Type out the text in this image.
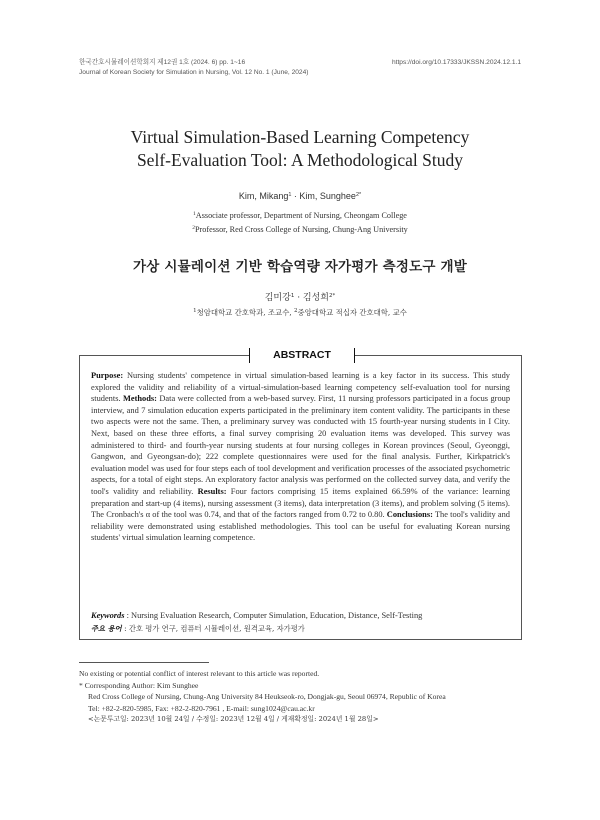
한국간호시뮬레이션학회지 제12권 1호 (2024. 6) pp. 1~16	https://doi.org/10.17333/JKSSN.2024.12.1.1
Journal of Korean Society for Simulation in Nursing, Vol. 12 No. 1 (June, 2024)
Virtual Simulation-Based Learning Competency
Self-Evaluation Tool: A Methodological Study
Kim, Mikang$^1$ · Kim, Sunghee$^{2*}$
$^1$Associate professor, Department of Nursing, Cheongam College
$^2$Professor, Red Cross College of Nursing, Chung-Ang University
가상 시뮬레이션 기반 학습역량 자가평가 측정도구 개발
김미강$^1$ · 김성희$^{2*}$
$^1$청암대학교 간호학과, 조교수, $^2$중앙대학교 적십자 간호대학, 교수
ABSTRACT
Purpose: Nursing students' competence in virtual simulation-based learning is a key factor in its success. This study explored the validity and reliability of a virtual-simulation-based learning competency self-evaluation tool for nursing students. Methods: Data were collected from a web-based survey. First, 11 nursing professors participated in a focus group interview, and 7 simulation education experts participated in the preliminary item content validity. The participants in these two aspects were not the same. Then, a preliminary survey was conducted with 15 fourth-year nursing students in I City. Next, based on these three efforts, a final survey comprising 20 evaluation items was developed. This survey was administered to third- and fourth-year nursing students at four nursing colleges in Korean provinces (Seoul, Gyeonggi, Gangwon, and Gyeongsan-do); 222 complete questionnaires were used for the final analysis. Further, Kirkpatrick's evaluation model was used for four steps each of tool development and verification processes of the associated psychometric aspects, for a total of eight steps. An exploratory factor analysis was performed on the collected survey data, and verify the tool's validity and reliability. Results: Four factors comprising 15 items explained 66.59% of the variance: learning preparation and start-up (4 items), nursing assessment (3 items), data interpretation (3 items), and problem solving (5 items). The Cronbach's α of the tool was 0.74, and that of the factors ranged from 0.72 to 0.80. Conclusions: The tool's validity and reliability were demonstrated using established methodologies. This tool can be useful for evaluating Korean nursing students' virtual simulation learning competence.
Keywords : Nursing Evaluation Research, Computer Simulation, Education, Distance, Self-Testing
주요 용어 : 간호 평가 연구, 컴퓨터 시뮬레이션, 원격교육, 자가평가
No existing or potential conflict of interest relevant to this article was reported.
* Corresponding Author: Kim Sunghee
Red Cross College of Nursing, Chung-Ang University 84 Heukseok-ro, Dongjak-gu, Seoul 06974, Republic of Korea
Tel: +82-2-820-5985, Fax: +82-2-820-7961 , E-mail: sung1024@cau.ac.kr
<논문투고일: 2023년 10월 24일 / 수정일: 2023년 12월 4일 / 게재확정일: 2024년 1월 28일>
